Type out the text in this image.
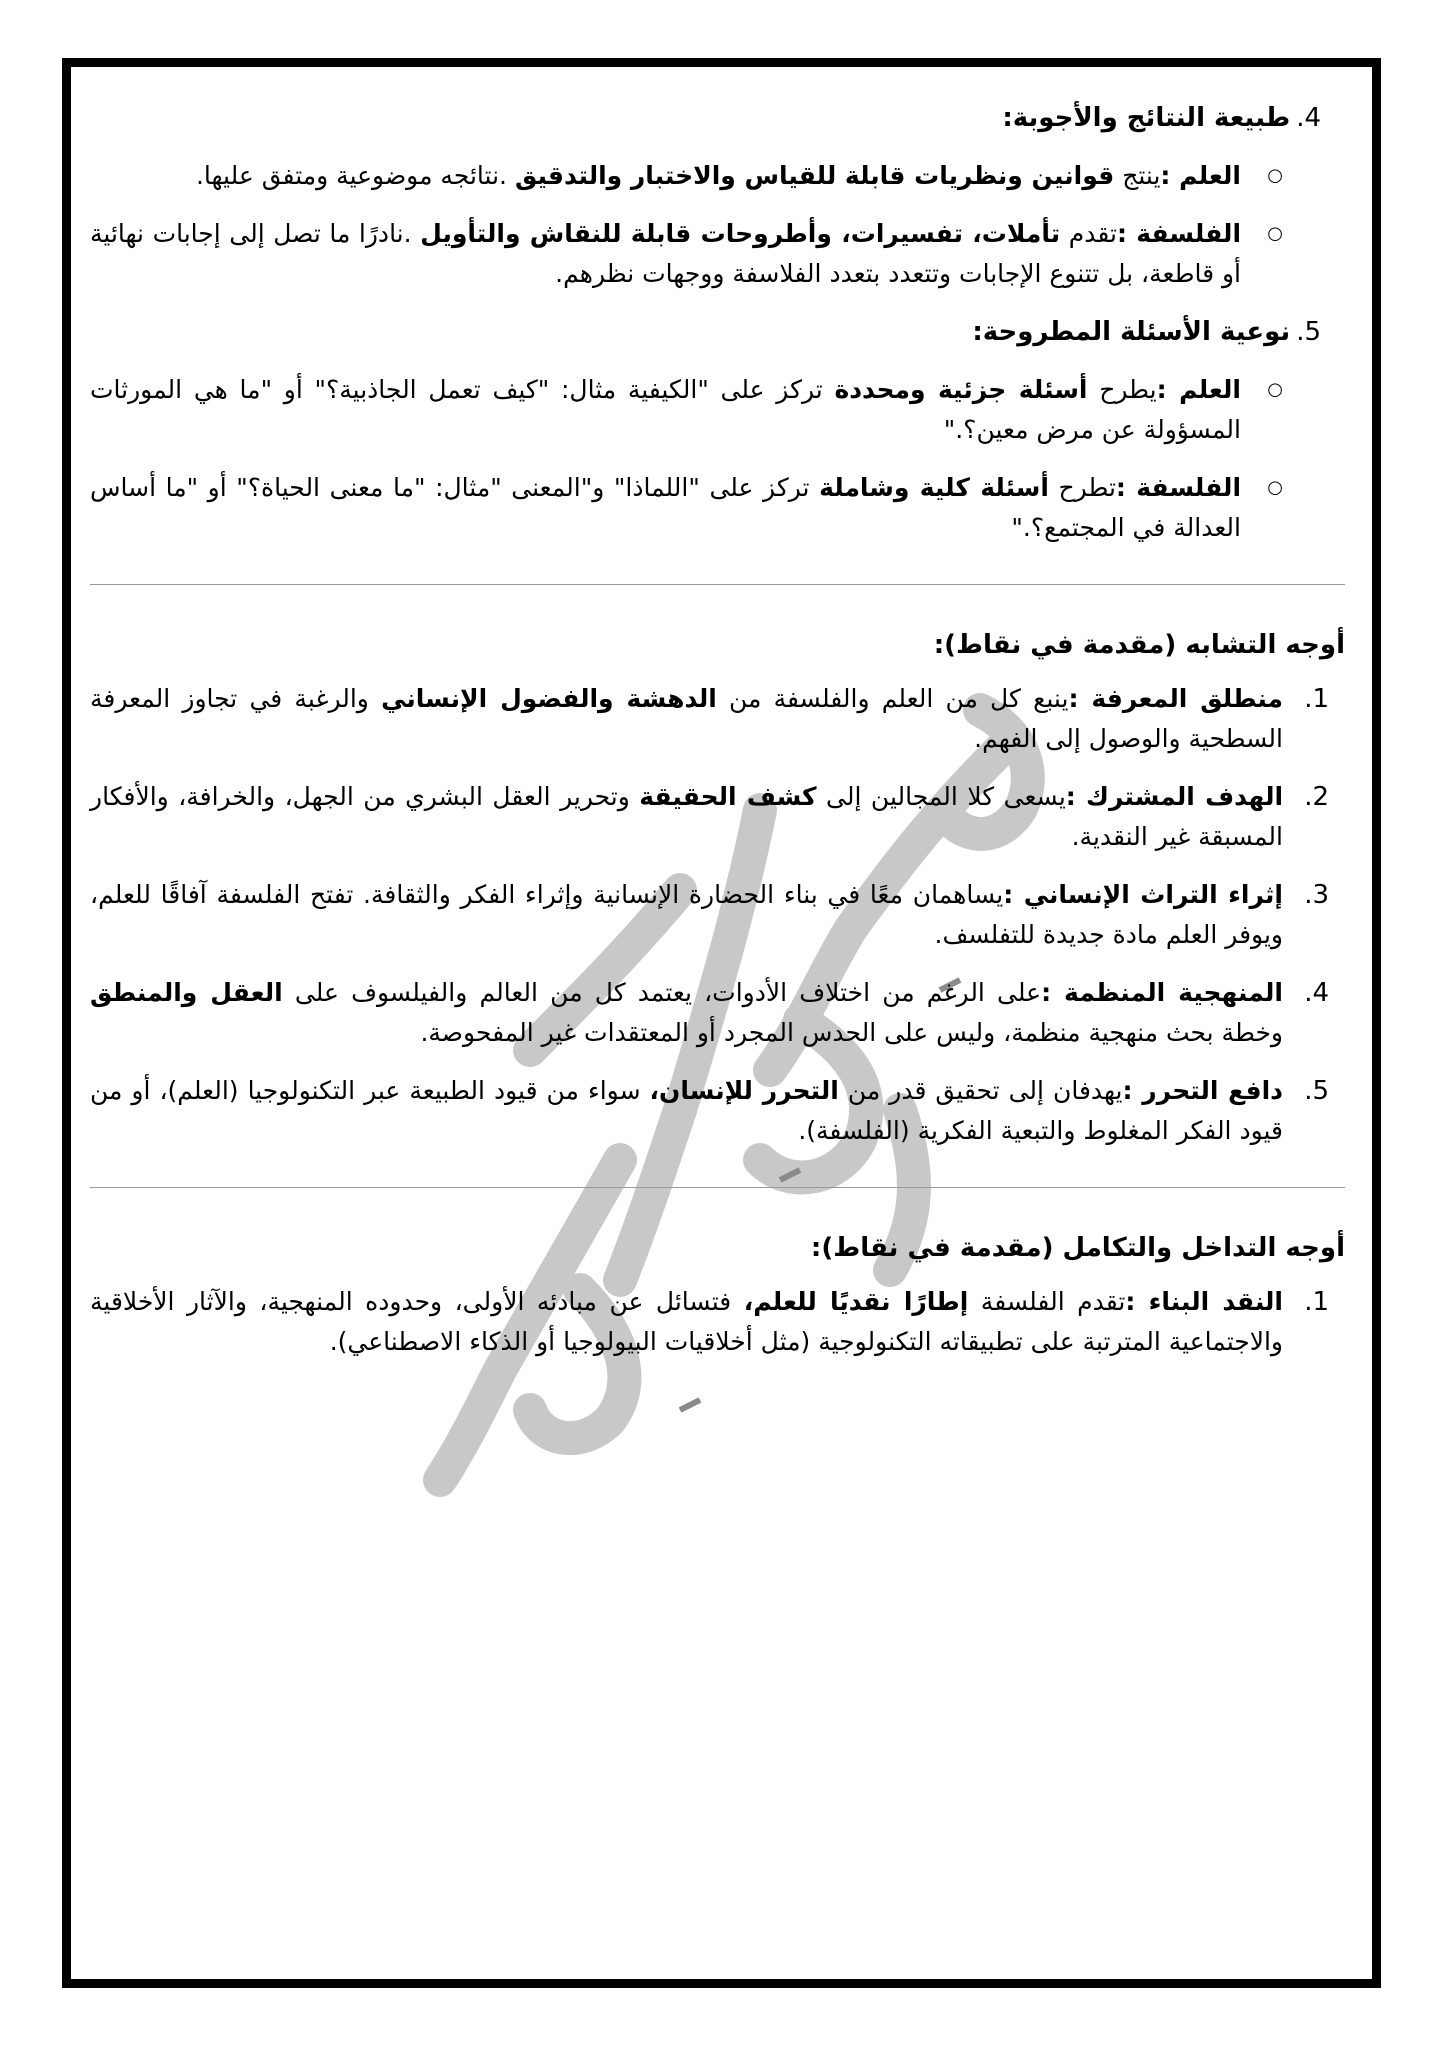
4.
طبيعة النتائج والأجوبة:
○
العلم :ينتج قوانين ونظريات قابلة للقياس والاختبار والتدقيق .نتائجه موضوعية ومتفق عليها.
○
الفلسفة :تقدم تأملات، تفسيرات، وأطروحات قابلة للنقاش والتأويل .نادرًا ما تصل إلى إجابات نهائية أو قاطعة، بل تتنوع الإجابات وتتعدد بتعدد الفلاسفة ووجهات نظرهم.
5.
نوعية الأسئلة المطروحة:
○
العلم :يطرح أسئلة جزئية ومحددة تركز على "الكيفية مثال: "كيف تعمل الجاذبية؟" أو "ما هي المورثات المسؤولة عن مرض معين؟."
○
الفلسفة :تطرح أسئلة كلية وشاملة تركز على "اللماذا" و"المعنى "مثال: "ما معنى الحياة؟" أو "ما أساس العدالة في المجتمع؟."
أوجه التشابه (مقدمة في نقاط):
1.
منطلق المعرفة :ينبع كل من العلم والفلسفة من الدهشة والفضول الإنساني والرغبة في تجاوز المعرفة السطحية والوصول إلى الفهم.
2.
الهدف المشترك :يسعى كلا المجالين إلى كشف الحقيقة وتحرير العقل البشري من الجهل، والخرافة، والأفكار المسبقة غير النقدية.
3.
إثراء التراث الإنساني :يساهمان معًا في بناء الحضارة الإنسانية وإثراء الفكر والثقافة. تفتح الفلسفة آفاقًا للعلم، ويوفر العلم مادة جديدة للتفلسف.
4.
المنهجية المنظمة :على الرغم من اختلاف الأدوات، يعتمد كل من العالم والفيلسوف على العقل والمنطق وخطة بحث منهجية منظمة، وليس على الحدس المجرد أو المعتقدات غير المفحوصة.
5.
دافع التحرر :يهدفان إلى تحقيق قدر من التحرر للإنسان، سواء من قيود الطبيعة عبر التكنولوجيا (العلم)، أو من قيود الفكر المغلوط والتبعية الفكرية (الفلسفة).
أوجه التداخل والتكامل (مقدمة في نقاط):
1.
النقد البناء :تقدم الفلسفة إطارًا نقديًا للعلم، فتسائل عن مبادئه الأولى، وحدوده المنهجية، والآثار الأخلاقية والاجتماعية المترتبة على تطبيقاته التكنولوجية (مثل أخلاقيات البيولوجيا أو الذكاء الاصطناعي).
